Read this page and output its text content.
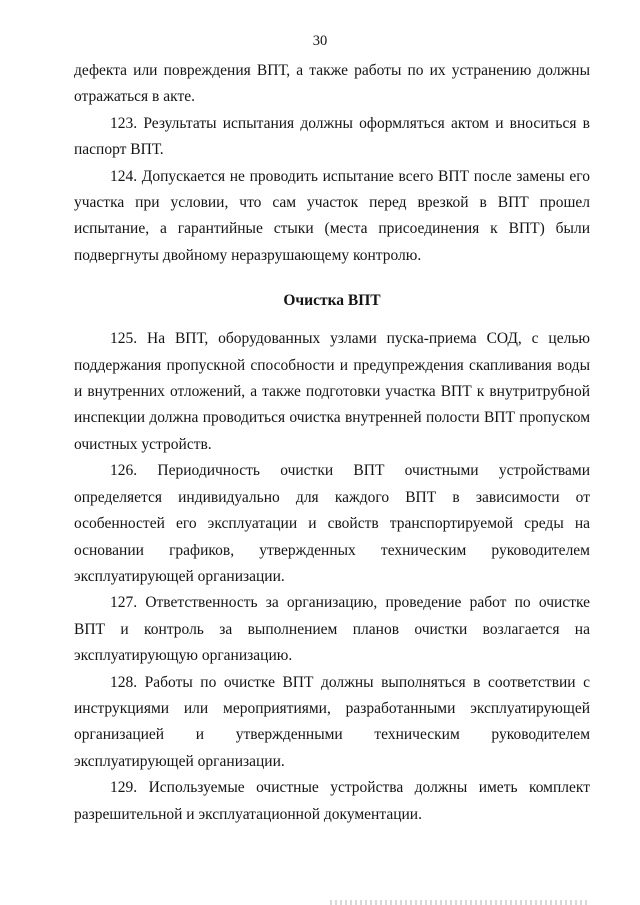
30

дефекта или повреждения ВПТ, а также работы по их устранению должны отражаться в акте.

123. Результаты испытания должны оформляться актом и вноситься в паспорт ВПТ.

124. Допускается не проводить испытание всего ВПТ после замены его участка при условии, что сам участок перед врезкой в ВПТ прошел испытание, а гарантийные стыки (места присоединения к ВПТ) были подвергнуты двойному неразрушающему контролю.

Очистка ВПТ

125. На ВПТ, оборудованных узлами пуска-приема СОД, с целью поддержания пропускной способности и предупреждения скапливания воды и внутренних отложений, а также подготовки участка ВПТ к внутритрубной инспекции должна проводиться очистка внутренней полости ВПТ пропуском очистных устройств.

126. Периодичность очистки ВПТ очистными устройствами определяется индивидуально для каждого ВПТ в зависимости от особенностей его эксплуатации и свойств транспортируемой среды на основании графиков, утвержденных техническим руководителем эксплуатирующей организации.

127. Ответственность за организацию, проведение работ по очистке ВПТ и контроль за выполнением планов очистки возлагается на эксплуатирующую организацию.

128. Работы по очистке ВПТ должны выполняться в соответствии с инструкциями или мероприятиями, разработанными эксплуатирующей организацией и утвержденными техническим руководителем эксплуатирующей организации.

129. Используемые очистные устройства должны иметь комплект разрешительной и эксплуатационной документации.
